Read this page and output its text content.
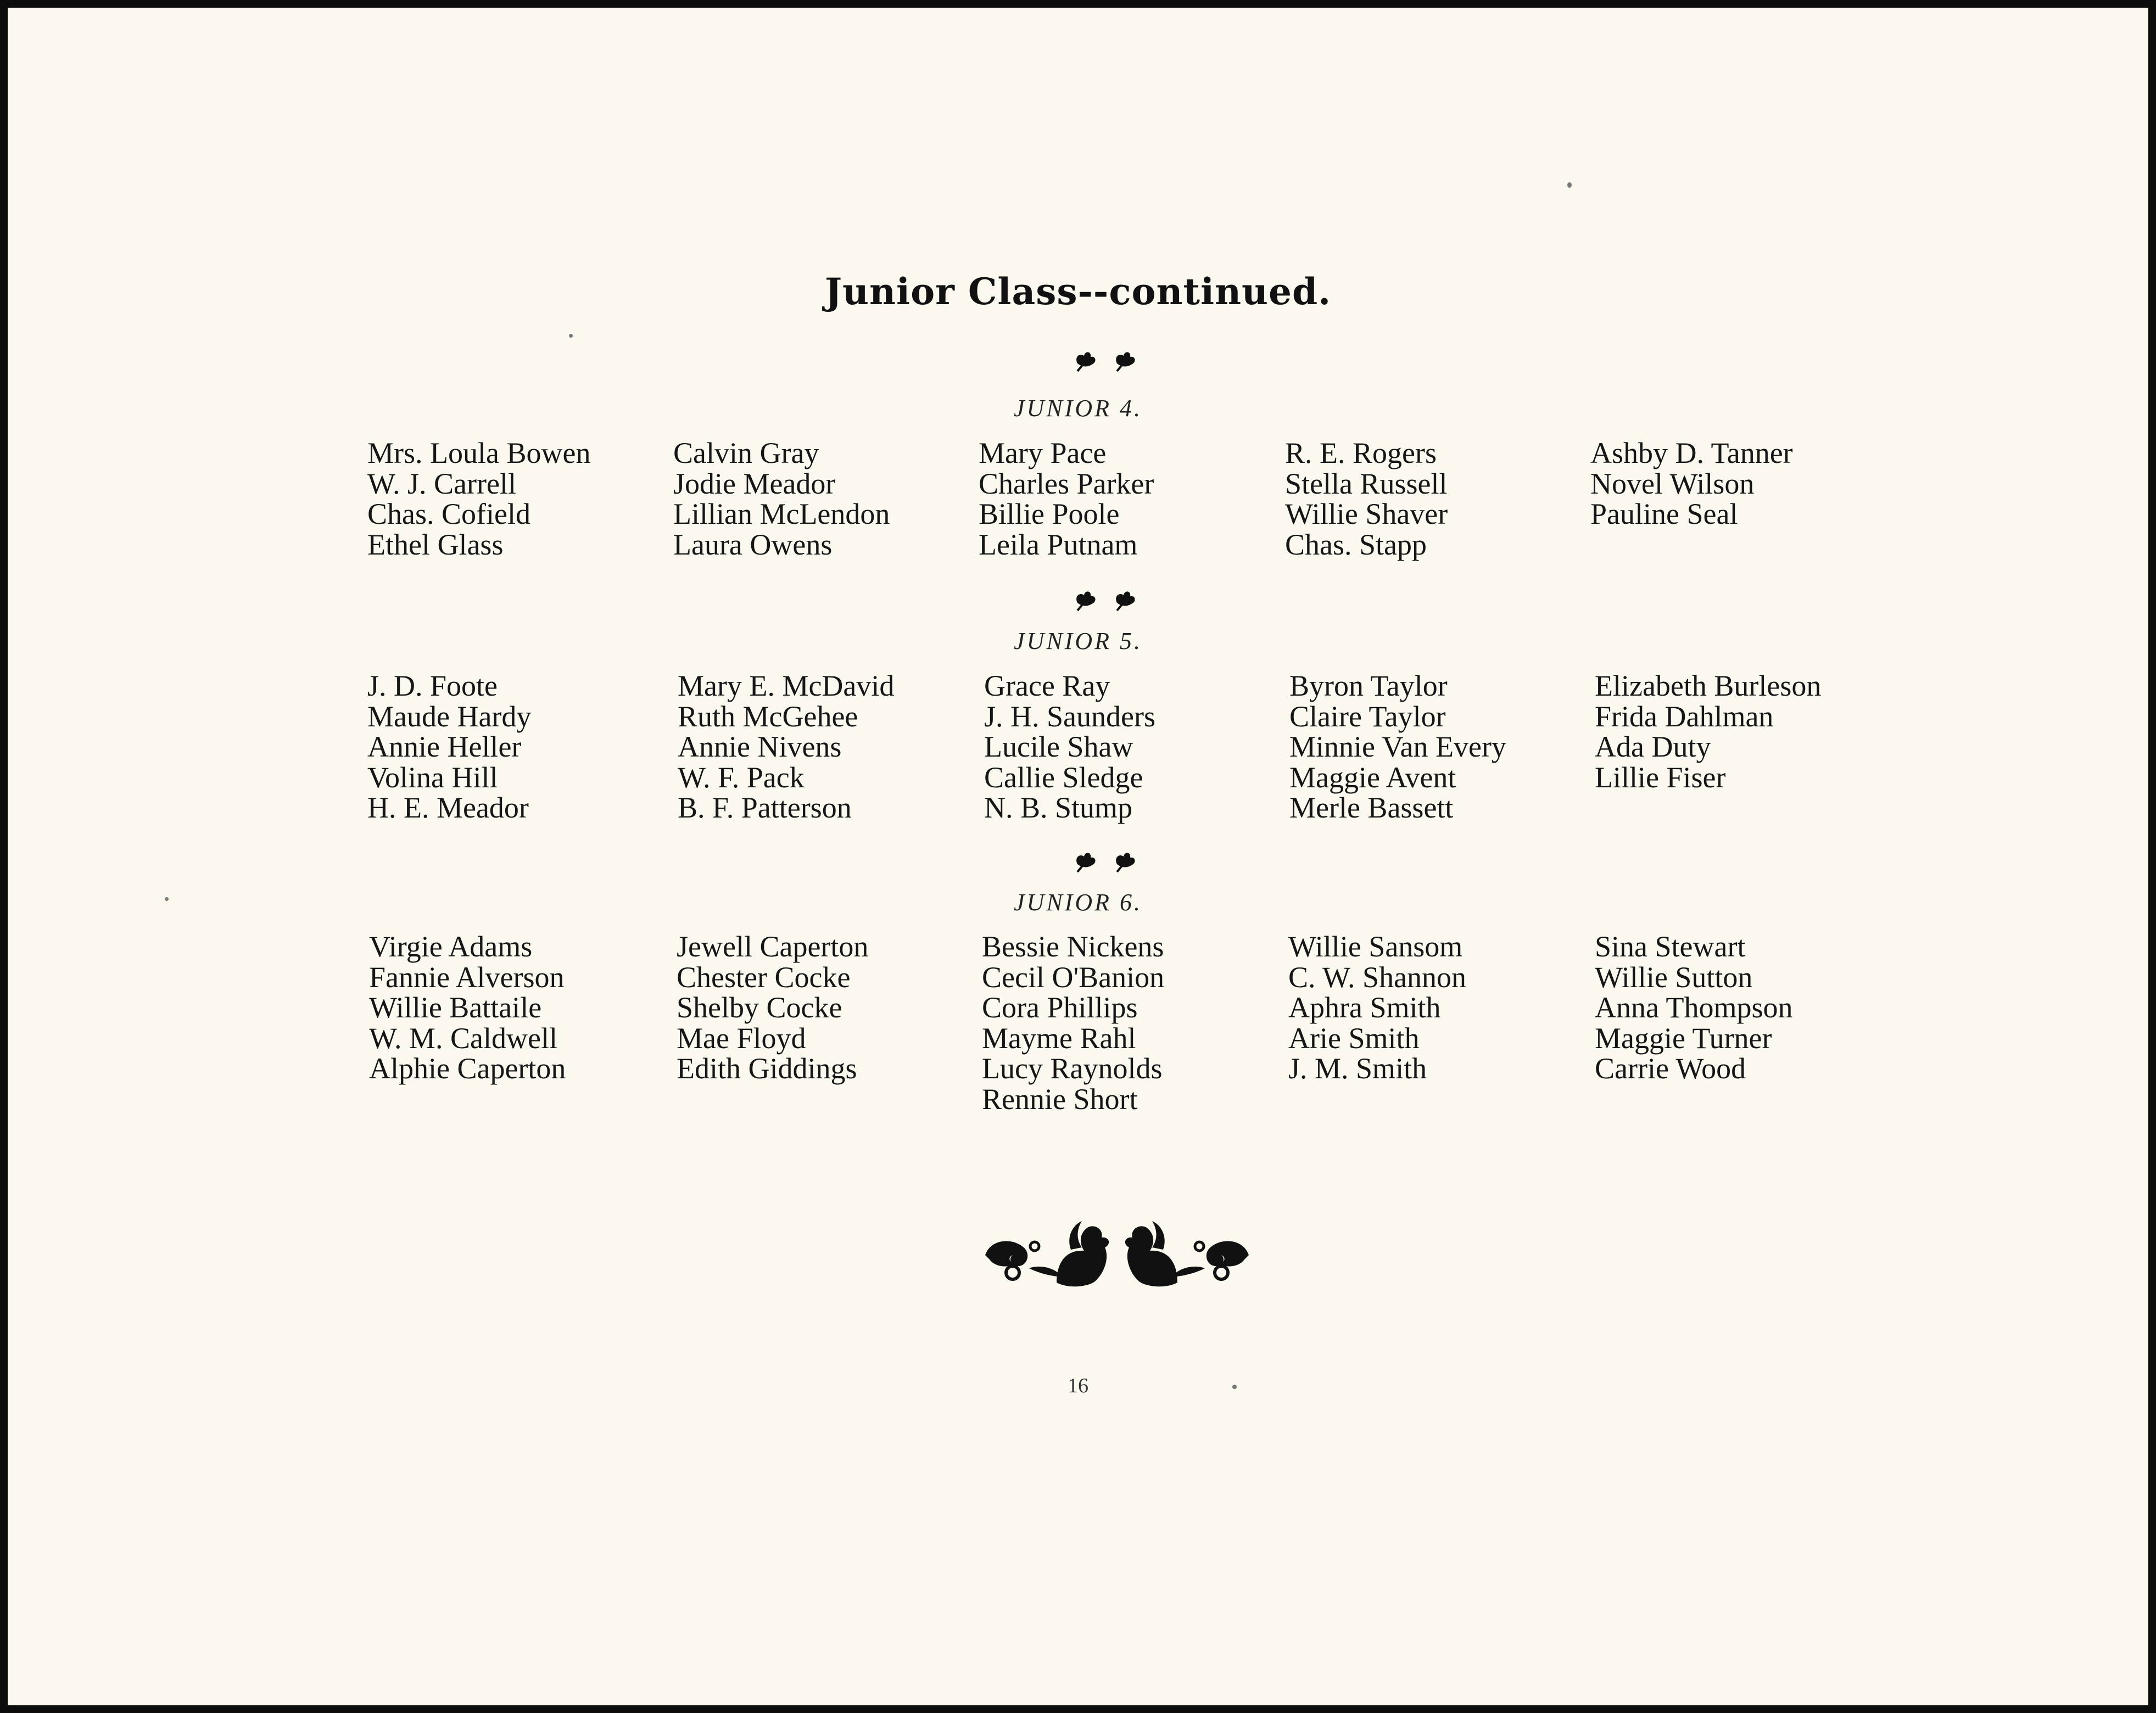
Junior Class--continued.
JUNIOR 4.
Mrs. Loula Bowen
W. J. Carrell
Chas. Cofield
Ethel Glass
Calvin Gray
Jodie Meador
Lillian McLendon
Laura Owens
Mary Pace
Charles Parker
Billie Poole
Leila Putnam
R. E. Rogers
Stella Russell
Willie Shaver
Chas. Stapp
Ashby D. Tanner
Novel Wilson
Pauline Seal
JUNIOR 5.
J. D. Foote
Maude Hardy
Annie Heller
Volina Hill
H. E. Meador
Mary E. McDavid
Ruth McGehee
Annie Nivens
W. F. Pack
B. F. Patterson
Grace Ray
J. H. Saunders
Lucile Shaw
Callie Sledge
N. B. Stump
Byron Taylor
Claire Taylor
Minnie Van Every
Maggie Avent
Merle Bassett
Elizabeth Burleson
Frida Dahlman
Ada Duty
Lillie Fiser
JUNIOR 6.
Virgie Adams
Fannie Alverson
Willie Battaile
W. M. Caldwell
Alphie Caperton
Jewell Caperton
Chester Cocke
Shelby Cocke
Mae Floyd
Edith Giddings
Bessie Nickens
Cecil O'Banion
Cora Phillips
Mayme Rahl
Lucy Raynolds
Rennie Short
Willie Sansom
C. W. Shannon
Aphra Smith
Arie Smith
J. M. Smith
Sina Stewart
Willie Sutton
Anna Thompson
Maggie Turner
Carrie Wood
16
